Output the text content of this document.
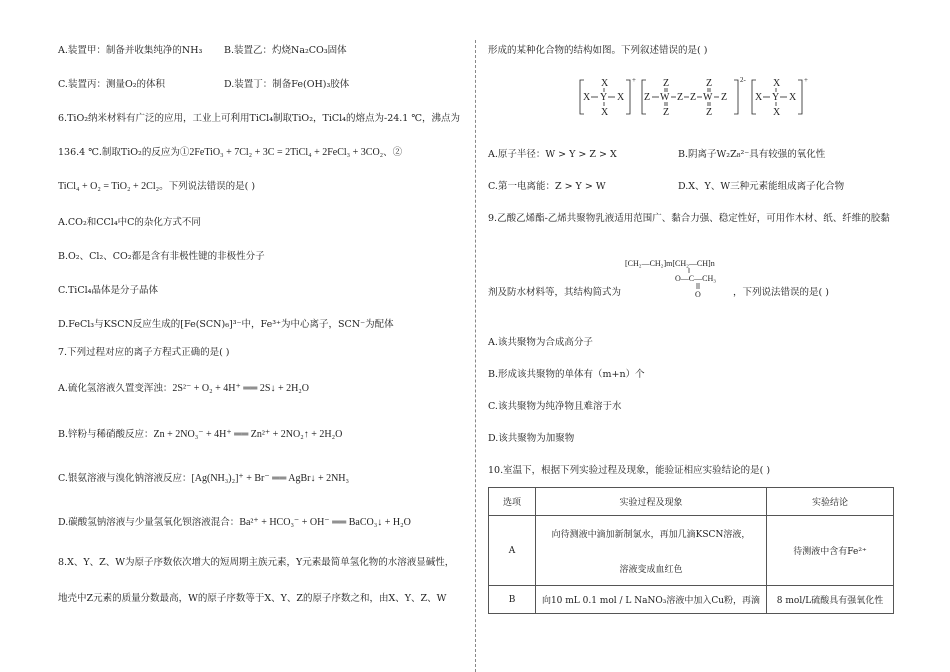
A.装置甲：制备并收集纯净的NH₃ B.装置乙：灼烧Na₂CO₃固体
C.装置丙：测量O₂的体积	D.装置丁：制备Fe(OH)₃胶体
6.TiO₂纳米材料有广泛的应用，工业上可利用TiCl₄制取TiO₂，TiCl₄的熔点为-24.1 ℃，沸点为
136.4 ℃.制取TiO₂的反应为①2FeTiO₃ + 7Cl₂ + 3C = 2TiCl₄ + 2FeCl₃ + 3CO₂、②
TiCl₄ + O₂ = TiO₂ + 2Cl₂。下列说法错误的是( )
A.CO₂和CCl₄中C的杂化方式不同
B.O₂、Cl₂、CO₂都是含有非极性键的非极性分子
C.TiCl₄晶体是分子晶体
D.FeCl₃与KSCN反应生成的[Fe(SCN)₆]³⁻中，Fe³⁺为中心离子，SCN⁻为配体
7.下列过程对应的离子方程式正确的是( )
A.硫化氢溶液久置变浑浊：2S²⁻ + O₂ + 4H⁺ ══ 2S↓ + 2H₂O
B.锌粉与稀硝酸反应：Zn + 2NO₃⁻ + 4H⁺ ══ Zn²⁺ + 2NO₂↑ + 2H₂O
C.银氨溶液与溴化钠溶液反应：[Ag(NH₃)₂]⁺ + Br⁻ ══ AgBr↓ + 2NH₃
D.碳酸氢钠溶液与少量氢氧化钡溶液混合：Ba²⁺ + HCO₃⁻ + OH⁻ ══ BaCO₃↓ + H₂O
8.X、Y、Z、W为原子序数依次增大的短周期主族元素，Y元素最简单氢化物的水溶液显碱性，
地壳中Z元素的质量分数最高，W的原子序数等于X、Y、Z的原子序数之和，由X、Y、Z、W
形成的某种化合物的结构如图。下列叙述错误的是( )
X
X Y X
X
+	Z
Z W Z Z W Z
Z
Z
Z
2-	X
X Y X
X
+
A.原子半径：W > Y > Z > X	B.阴离子W₂Z₈²⁻具有较强的氧化性
C.第一电离能：Z > Y > W	D.X、Y、W三种元素能组成离子化合物
9.乙酸乙烯酯-乙烯共聚物乳液适用范围广、黏合力强、稳定性好，可用作木材、纸、纤维的胶黏
[CH₂—CH₂]m[CH₂—CH]n
O—C—CH₃
O
剂及防水材料等，其结构简式为	，下列说法错误的是( )
A.该共聚物为合成高分子
B.形成该共聚物的单体有（m+n）个
C.该共聚物为纯净物且难溶于水
D.该共聚物为加聚物
10.室温下，根据下列实验过程及现象，能验证相应实验结论的是( )
选项	实验过程及现象	实验结论
A	向待测液中滴加新制氯水，再加几滴KSCN溶液，
溶液变成血红色	待测液中含有Fe²⁺
B	向10 mL 0.1 mol / L NaNO₃溶液中加入Cu粉，再滴	8 mol/L硫酸具有强氧化性
